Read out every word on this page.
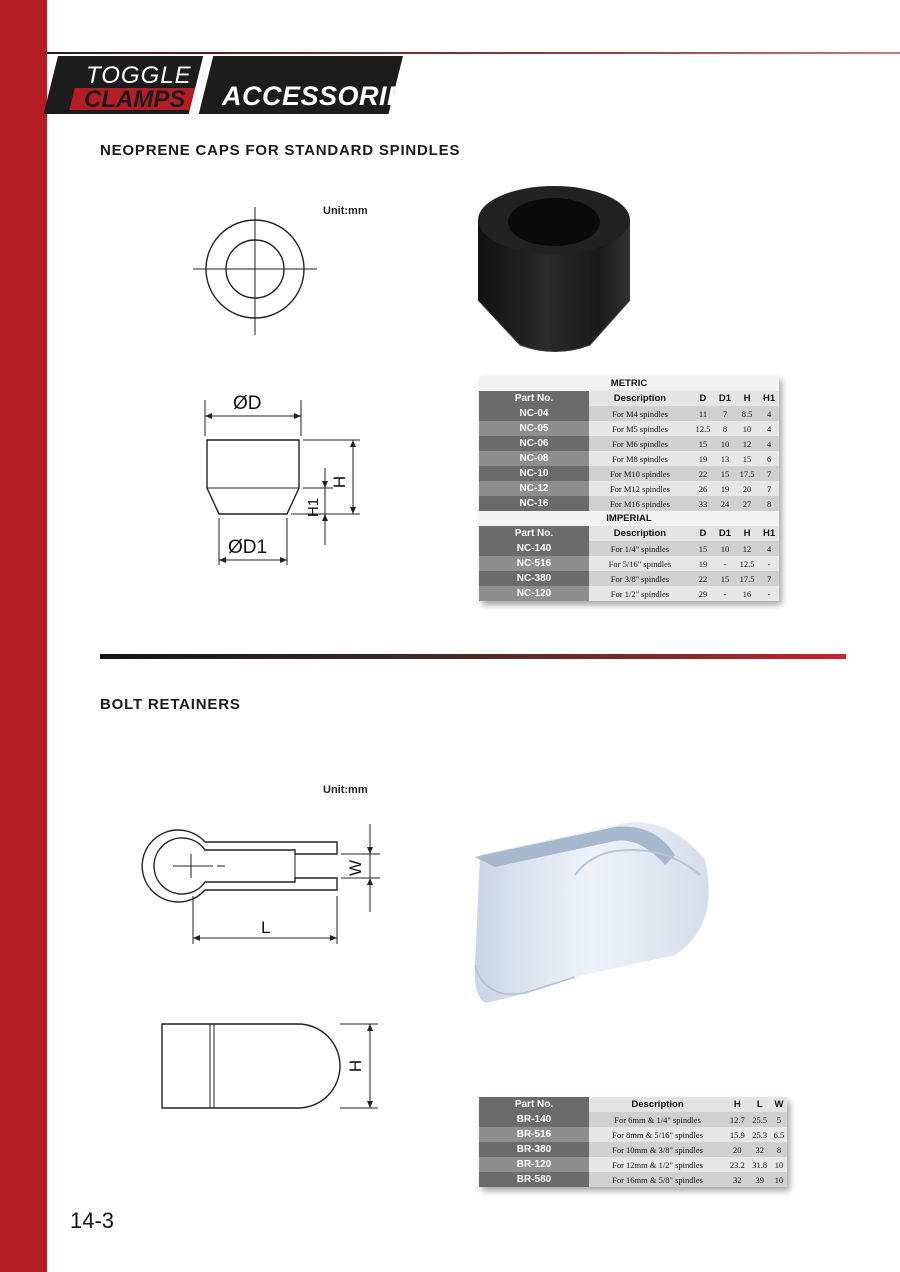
TOGGLE
CLAMPS ACCESSORIES
NEOPRENE CAPS FOR STANDARD SPINDLES
Unit:mm
ØD
ØD1
H
H1
METRIC					
Part No.	Description	D	D1	H	H1
NC-04	For M4 spindles	11	7	8.5	4
NC-05	For M5 spindles	12.5	8	10	4
NC-06	For M6 spindles	15	10	12	4
NC-08	For M8 spindles	19	13	15	6
NC-10	For M10 spindles	22	15	17.5	7
NC-12	For M12 spindles	26	19	20	7
NC-16	For M16 spindles	33	24	27	8
IMPERIAL					
Part No.	Description	D	D1	H	H1
NC-140	For 1/4" spindles	15	10	12	4
NC-516	For 5/16" spindles	19	-	12.5	-
NC-380	For 3/8" spindles	22	15	17.5	7
NC-120	For 1/2" spindles	29	-	16	-
BOLT RETAINERS
Unit:mm
W
L
H
Part No.	Description	H	L	W
BR-140	For 6mm & 1/4" spindles	12.7	25.5	5
BR-516	For 8mm & 5/16" spindles	15.9	25.3	6.5
BR-380	For 10mm & 3/8" spindles	20	32	8
BR-120	For 12mm & 1/2" spindles	23.2	31.8	10
BR-580	For 16mm & 5/8" spindles	32	39	10
14-3
